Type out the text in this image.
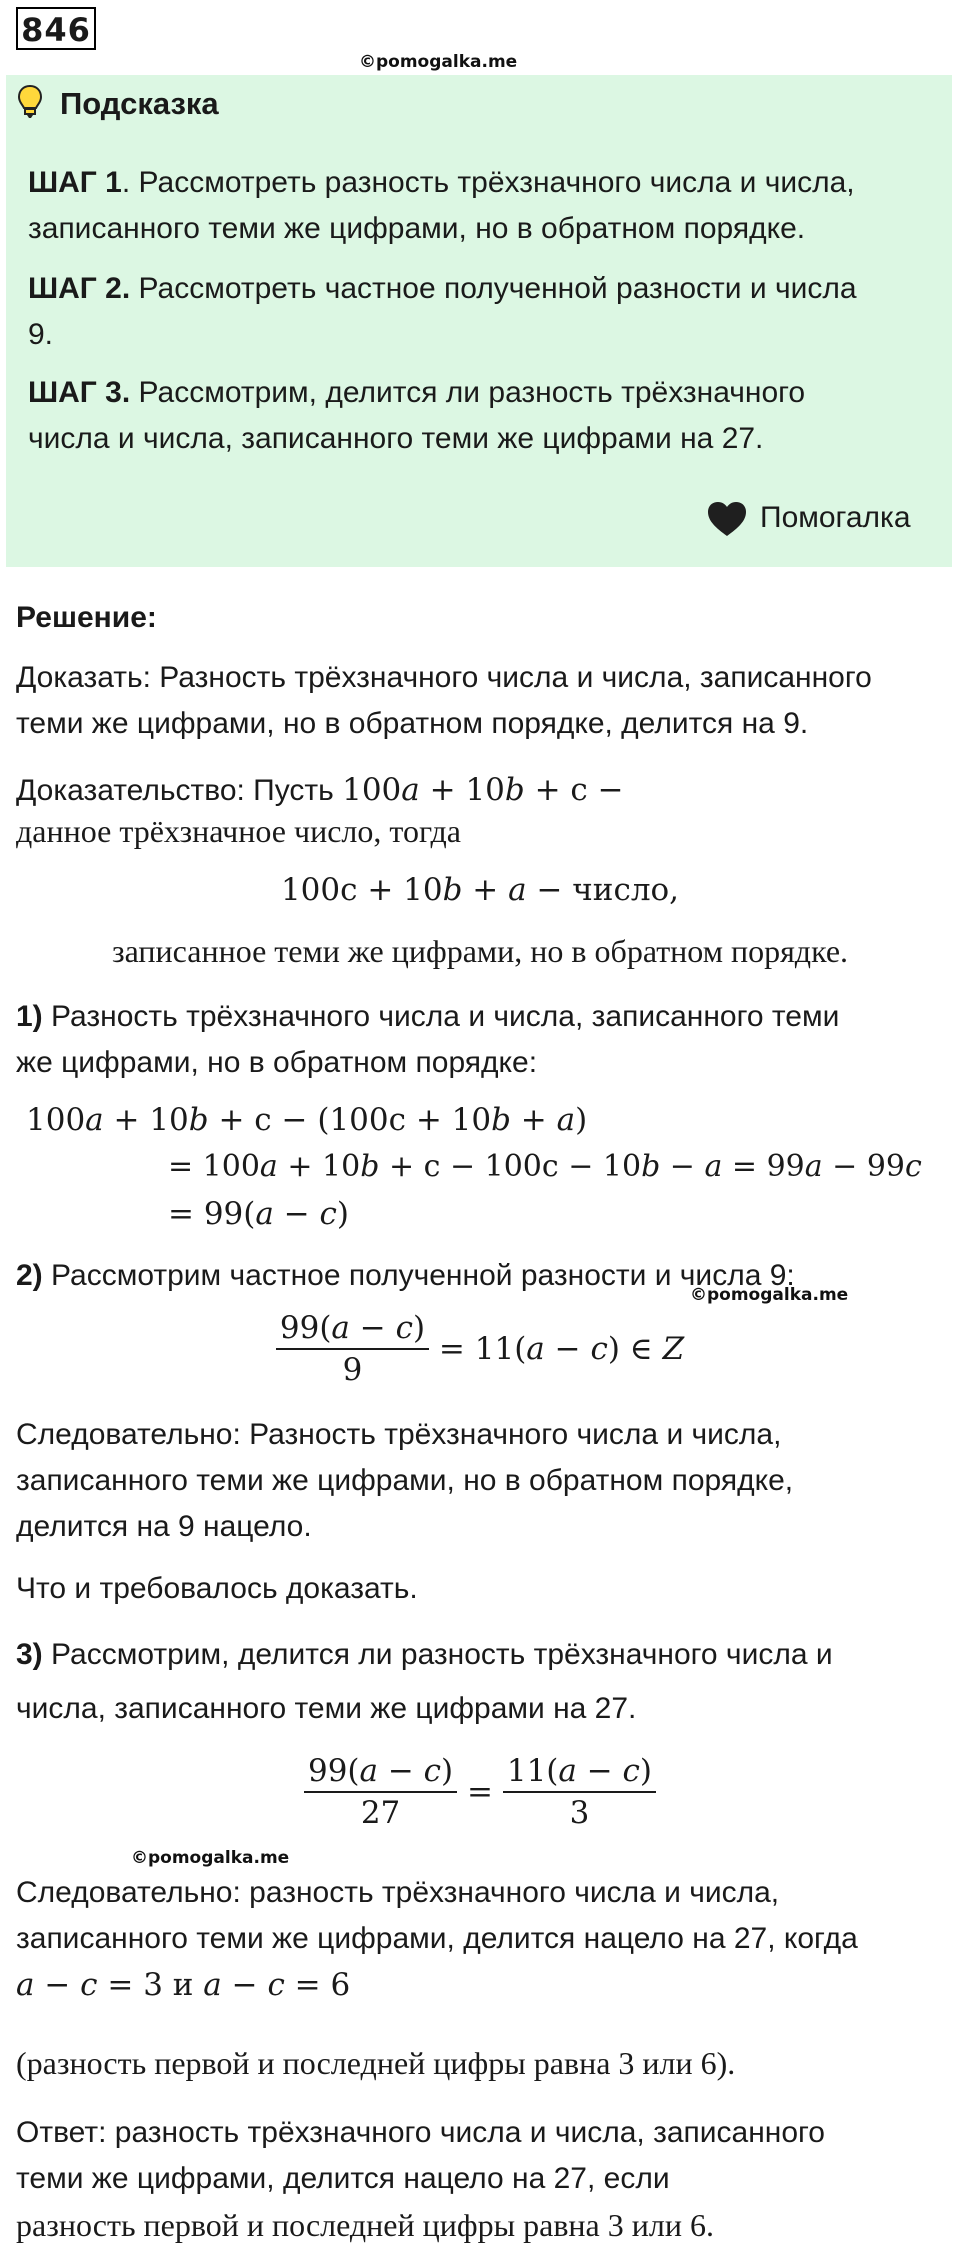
846
©pomogalka.me
Подсказка
ШАГ 1. Рассмотреть разность трёхзначного числа и числа,
записанного теми же цифрами, но в обратном порядке.
ШАГ 2. Рассмотреть частное полученной разности и числа
9.
ШАГ 3. Рассмотрим, делится ли разность трёхзначного
числа и числа, записанного теми же цифрами на 27.
Помогалка
Решение:
Доказать: Разность трёхзначного числа и числа, записанного
теми же цифрами, но в обратном порядке, делится на 9.
Доказательство: Пусть 100𝑎 + 10𝑏 + c −
данное трёхзначное число, тогда
100c + 10𝑏 + 𝑎 − число,
записанное теми же цифрами, но в обратном порядке.
1) Разность трёхзначного числа и числа, записанного теми
же цифрами, но в обратном порядке:
100𝑎 + 10𝑏 + c − (100c + 10𝑏 + 𝑎)
= 100𝑎 + 10𝑏 + c − 100c − 10𝑏 − 𝑎 = 99𝑎 − 99𝑐
= 99(𝑎 − 𝑐)
2) Рассмотрим частное полученной разности и числа 9:
©pomogalka.me
$\frac{\text{99(𝑎 − 𝑐)}}{9}$ = 11(𝑎 − 𝑐) ∈ 𝑍
Следовательно: Разность трёхзначного числа и числа,
записанного теми же цифрами, но в обратном порядке,
делится на 9 нацело.
Что и требовалось доказать.
3) Рассмотрим, делится ли разность трёхзначного числа и
числа, записанного теми же цифрами на 27.
$\frac{\text{99(𝑎 − 𝑐)}}{27} = \frac{\text{11(𝑎 − 𝑐)}}{3}$
©pomogalka.me
Следовательно: разность трёхзначного числа и числа,
записанного теми же цифрами, делится нацело на 27, когда
𝑎 − 𝑐 = 3 и 𝑎 − 𝑐 = 6
(разность первой и последней цифры равна 3 или 6).
Ответ: разность трёхзначного числа и числа, записанного
теми же цифрами, делится нацело на 27, если
разность первой и последней цифры равна 3 или 6.
